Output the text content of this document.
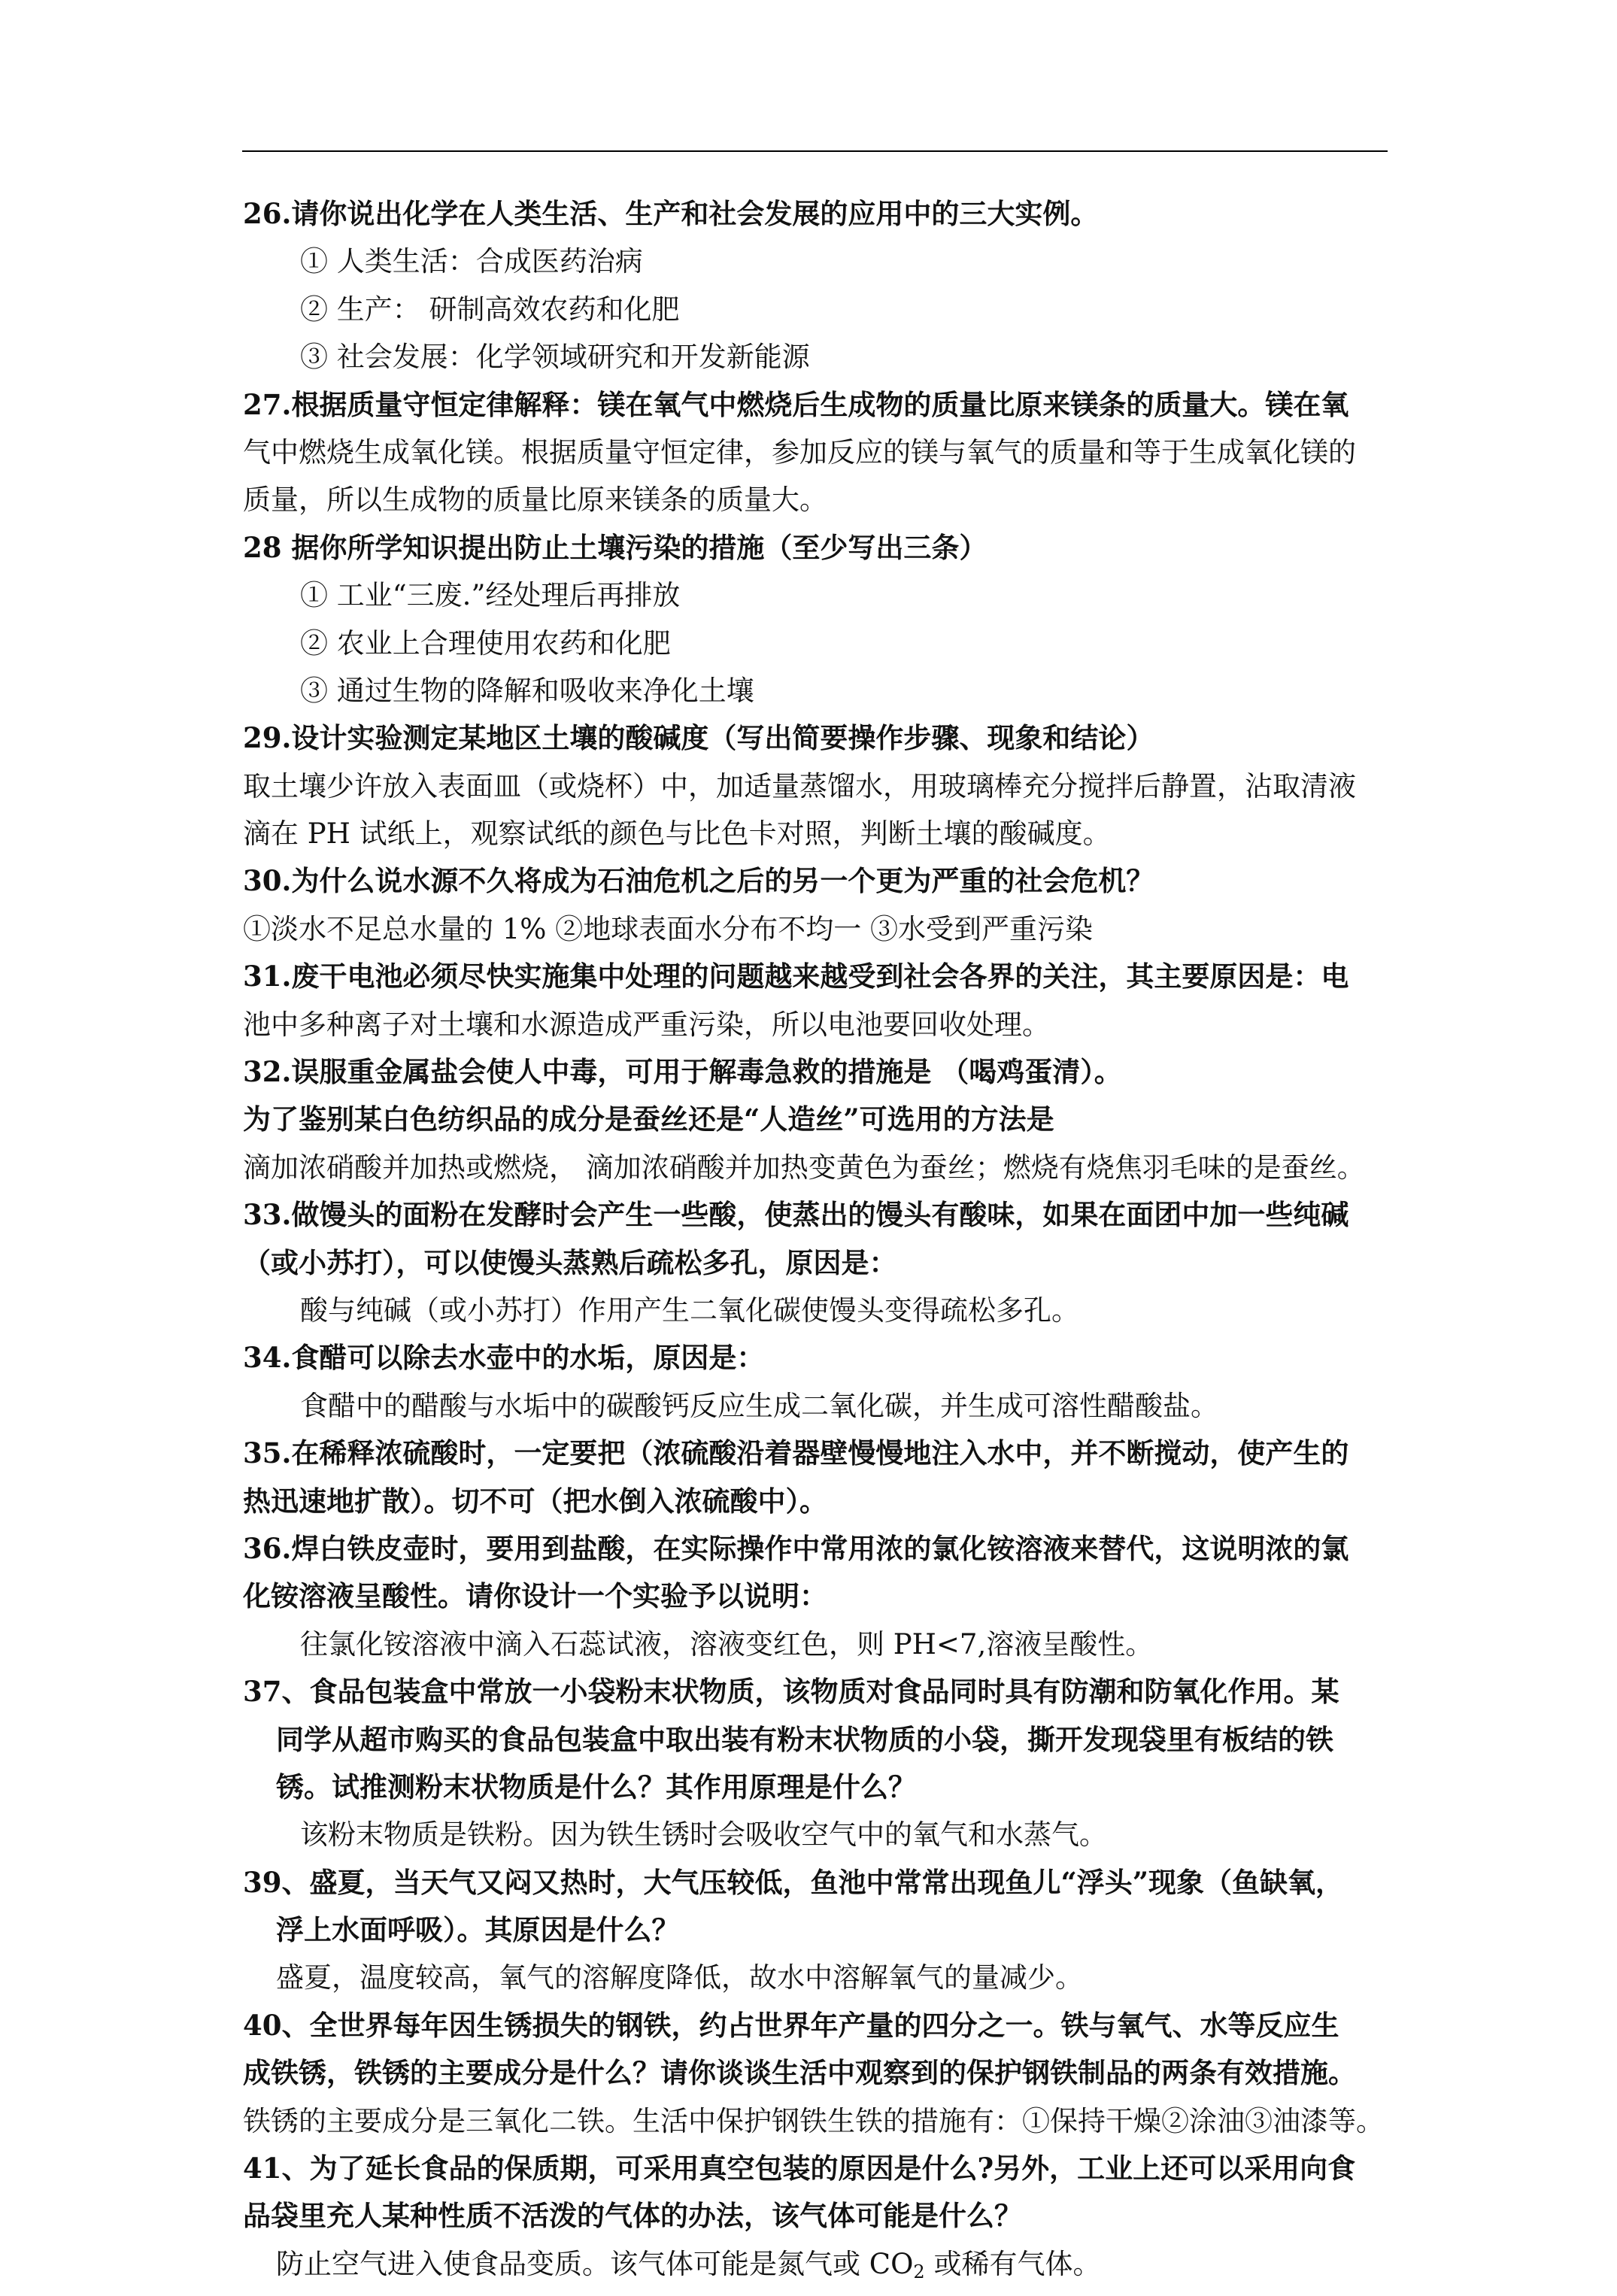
26.请你说出化学在人类生活、生产和社会发展的应用中的三大实例。
① 人类生活：合成医药治病
② 生产： 研制高效农药和化肥
③ 社会发展：化学领域研究和开发新能源
27.根据质量守恒定律解释：镁在氧气中燃烧后生成物的质量比原来镁条的质量大。镁在氧
气中燃烧生成氧化镁。根据质量守恒定律，参加反应的镁与氧气的质量和等于生成氧化镁的
质量，所以生成物的质量比原来镁条的质量大。
28 据你所学知识提出防止土壤污染的措施（至少写出三条）
① 工业“三废.”经处理后再排放
② 农业上合理使用农药和化肥
③ 通过生物的降解和吸收来净化土壤
29.设计实验测定某地区土壤的酸碱度（写出简要操作步骤、现象和结论）
取土壤少许放入表面皿（或烧杯）中，加适量蒸馏水，用玻璃棒充分搅拌后静置，沾取清液
滴在 PH 试纸上，观察试纸的颜色与比色卡对照，判断土壤的酸碱度。
30.为什么说水源不久将成为石油危机之后的另一个更为严重的社会危机？
①淡水不足总水量的 1% ②地球表面水分布不均一 ③水受到严重污染
31.废干电池必须尽快实施集中处理的问题越来越受到社会各界的关注，其主要原因是：电
池中多种离子对土壤和水源造成严重污染，所以电池要回收处理。
32.误服重金属盐会使人中毒，可用于解毒急救的措施是 （喝鸡蛋清）。
为了鉴别某白色纺织品的成分是蚕丝还是“人造丝”可选用的方法是
滴加浓硝酸并加热或燃烧， 滴加浓硝酸并加热变黄色为蚕丝；燃烧有烧焦羽毛味的是蚕丝。
33.做馒头的面粉在发酵时会产生一些酸，使蒸出的馒头有酸味，如果在面团中加一些纯碱
（或小苏打），可以使馒头蒸熟后疏松多孔，原因是：
酸与纯碱（或小苏打）作用产生二氧化碳使馒头变得疏松多孔。
34.食醋可以除去水壶中的水垢，原因是：
食醋中的醋酸与水垢中的碳酸钙反应生成二氧化碳，并生成可溶性醋酸盐。
35.在稀释浓硫酸时，一定要把（浓硫酸沿着器壁慢慢地注入水中，并不断搅动，使产生的
热迅速地扩散）。切不可（把水倒入浓硫酸中）。
36.焊白铁皮壶时，要用到盐酸，在实际操作中常用浓的氯化铵溶液来替代，这说明浓的氯
化铵溶液呈酸性。请你设计一个实验予以说明：
往氯化铵溶液中滴入石蕊试液，溶液变红色，则 PH<7,溶液呈酸性。
37、食品包装盒中常放一小袋粉末状物质，该物质对食品同时具有防潮和防氧化作用。某
同学从超市购买的食品包装盒中取出装有粉末状物质的小袋，撕开发现袋里有板结的铁
锈。试推测粉末状物质是什么？其作用原理是什么？
该粉末物质是铁粉。因为铁生锈时会吸收空气中的氧气和水蒸气。
39、盛夏，当天气又闷又热时，大气压较低，鱼池中常常出现鱼儿“浮头”现象（鱼缺氧，
浮上水面呼吸）。其原因是什么？
盛夏，温度较高，氧气的溶解度降低，故水中溶解氧气的量减少。
40、全世界每年因生锈损失的钢铁，约占世界年产量的四分之一。铁与氧气、水等反应生
成铁锈，铁锈的主要成分是什么？请你谈谈生活中观察到的保护钢铁制品的两条有效措施。
铁锈的主要成分是三氧化二铁。生活中保护钢铁生铁的措施有：①保持干燥②涂油③油漆等。
41、为了延长食品的保质期，可采用真空包装的原因是什么?另外，工业上还可以采用向食
品袋里充人某种性质不活泼的气体的办法，该气体可能是什么？
防止空气进入使食品变质。该气体可能是氮气或 $CO_2$ 或稀有气体。
